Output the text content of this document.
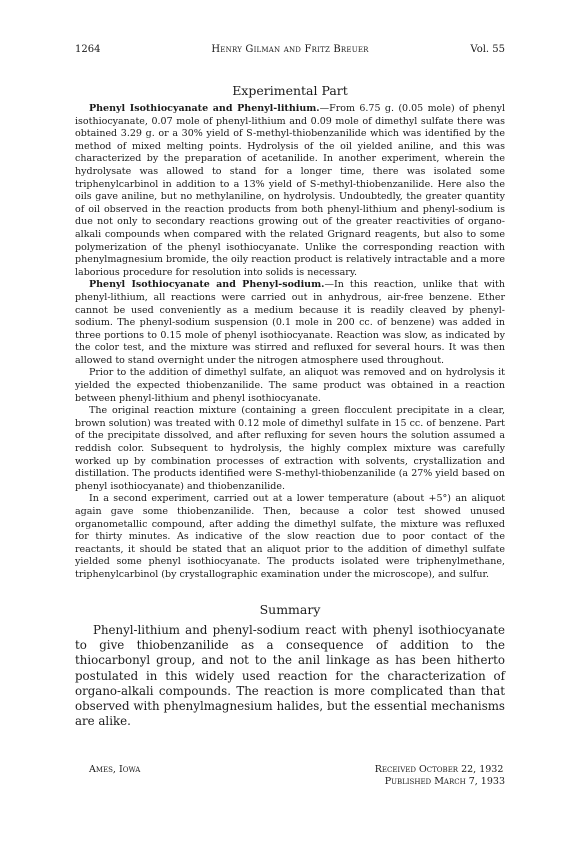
1264	Henry Gilman and Fritz Breuer	Vol. 55
Experimental Part

Phenyl Isothiocyanate and Phenyl-lithium.—From 6.75 g. (0.05 mole) of phenyl isothiocyanate, 0.07 mole of phenyl-lithium and 0.09 mole of dimethyl sulfate there was obtained 3.29 g. or a 30% yield of S-methyl-thiobenzanilide which was identified by the method of mixed melting points. Hydrolysis of the oil yielded aniline, and this was characterized by the preparation of acetanilide. In another experiment, wherein the hydrolysate was allowed to stand for a longer time, there was isolated some triphenylcarbinol in addition to a 13% yield of S-methyl-thiobenzanilide. Here also the oils gave aniline, but no methylaniline, on hydrolysis. Undoubtedly, the greater quantity of oil observed in the reaction products from both phenyl-lithium and phenyl-sodium is due not only to secondary reactions growing out of the greater reactivities of organo-alkali compounds when compared with the related Grignard reagents, but also to some polymerization of the phenyl isothiocyanate. Unlike the corresponding reaction with phenylmagnesium bromide, the oily reaction product is relatively intractable and a more laborious procedure for resolution into solids is necessary.

Phenyl Isothiocyanate and Phenyl-sodium.—In this reaction, unlike that with phenyl-lithium, all reactions were carried out in anhydrous, air-free benzene. Ether cannot be used conveniently as a medium because it is readily cleaved by phenyl-sodium. The phenyl-sodium suspension (0.1 mole in 200 cc. of benzene) was added in three portions to 0.15 mole of phenyl isothiocyanate. Reaction was slow, as indicated by the color test, and the mixture was stirred and refluxed for several hours. It was then allowed to stand overnight under the nitrogen atmosphere used throughout.

Prior to the addition of dimethyl sulfate, an aliquot was removed and on hydrolysis it yielded the expected thiobenzanilide. The same product was obtained in a reaction between phenyl-lithium and phenyl isothiocyanate.

The original reaction mixture (containing a green flocculent precipitate in a clear, brown solution) was treated with 0.12 mole of dimethyl sulfate in 15 cc. of benzene. Part of the precipitate dissolved, and after refluxing for seven hours the solution assumed a reddish color. Subsequent to hydrolysis, the highly complex mixture was carefully worked up by combination processes of extraction with solvents, crystallization and distillation. The products identified were S-methyl-thiobenzanilide (a 27% yield based on phenyl isothiocyanate) and thiobenzanilide.

In a second experiment, carried out at a lower temperature (about +5°) an aliquot again gave some thiobenzanilide. Then, because a color test showed unused organometallic compound, after adding the dimethyl sulfate, the mixture was refluxed for thirty minutes. As indicative of the slow reaction due to poor contact of the reactants, it should be stated that an aliquot prior to the addition of dimethyl sulfate yielded some phenyl isothiocyanate. The products isolated were triphenylmethane, triphenylcarbinol (by crystallographic examination under the microscope), and sulfur.

Summary

Phenyl-lithium and phenyl-sodium react with phenyl isothiocyanate to give thiobenzanilide as a consequence of addition to the thiocarbonyl group, and not to the anil linkage as has been hitherto postulated in this widely used reaction for the characterization of organo-alkali compounds. The reaction is more complicated than that observed with phenylmagnesium halides, but the essential mechanisms are alike.

Ames, Iowa	Received October 22, 1932
Published March 7, 1933
